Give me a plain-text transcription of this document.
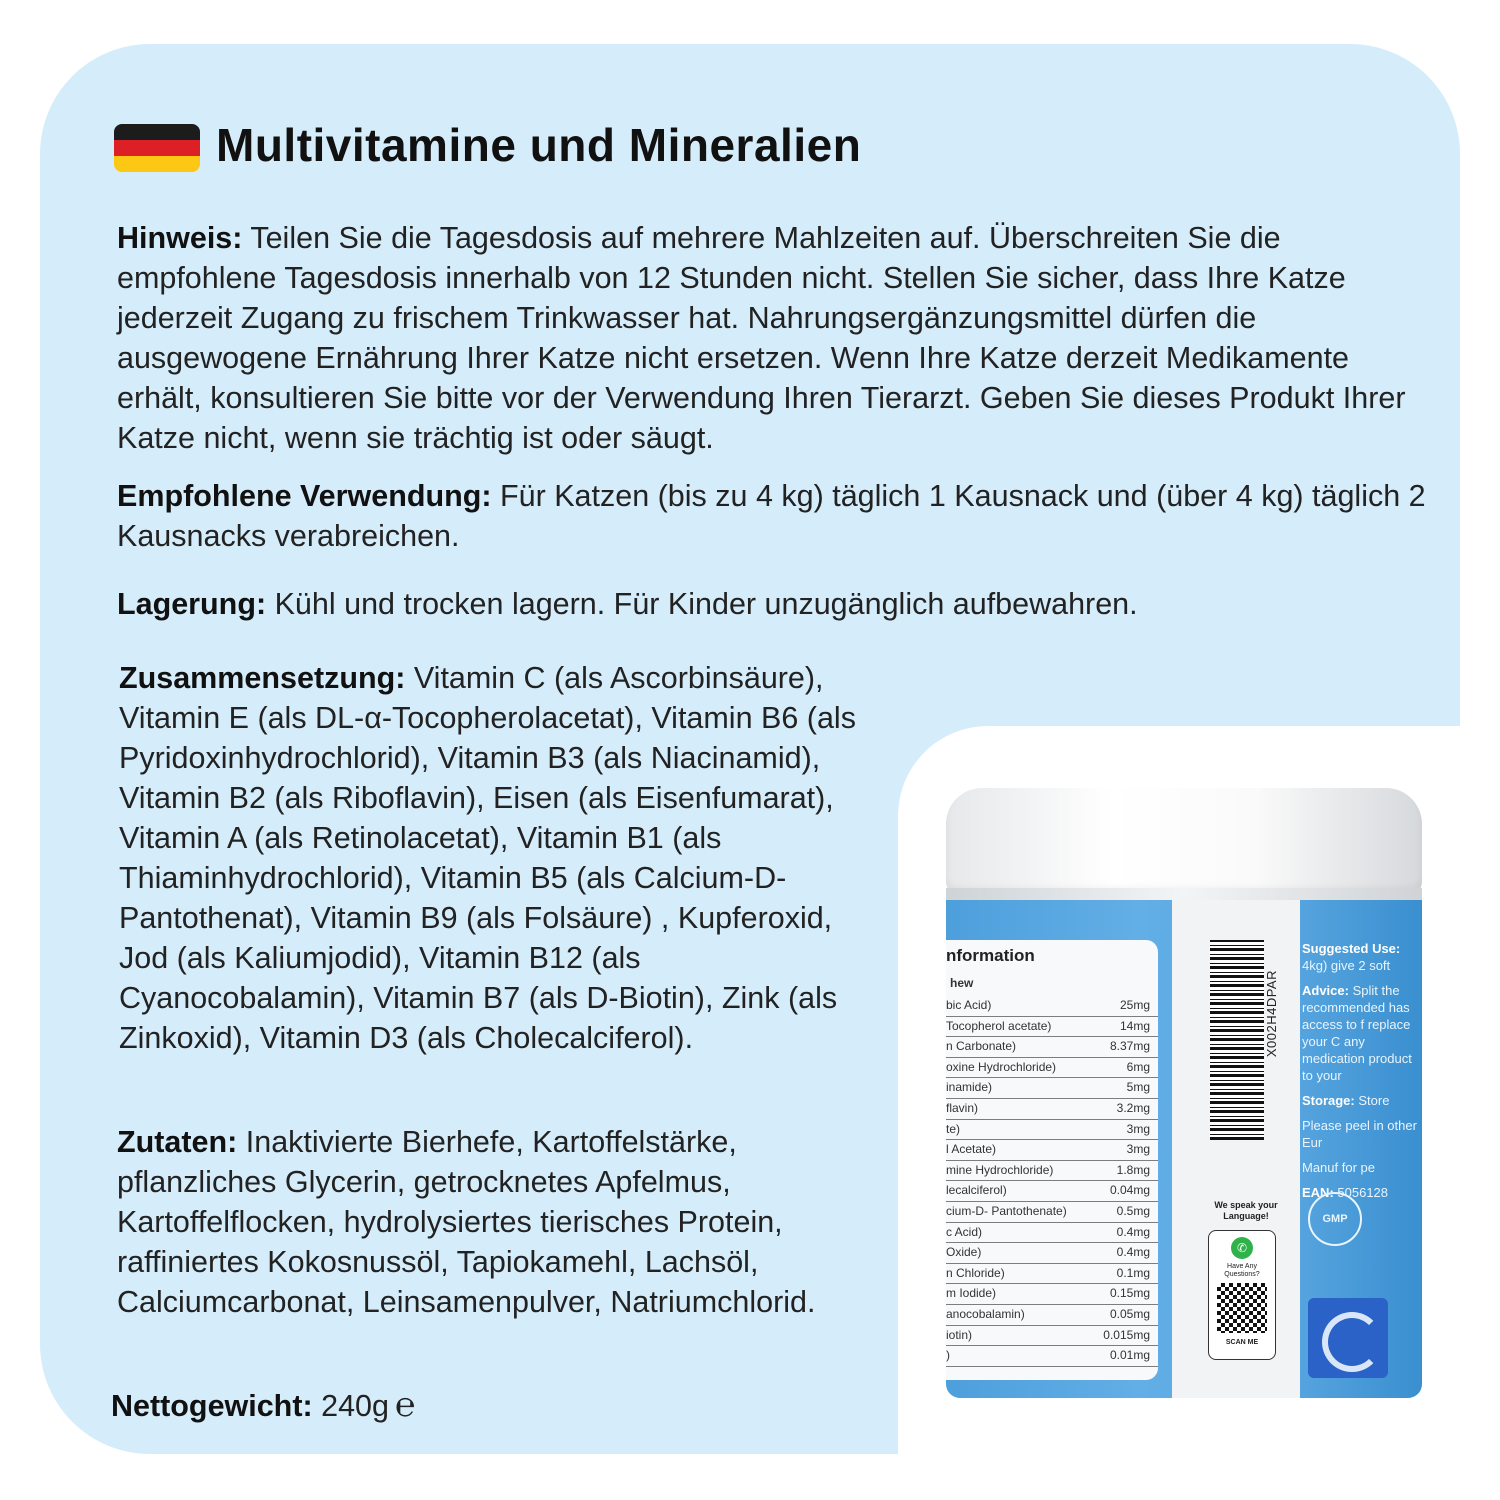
Multivitamine und Mineralien

Hinweis: Teilen Sie die Tagesdosis auf mehrere Mahlzeiten auf. Überschreiten Sie die empfohlene Tagesdosis innerhalb von 12 Stunden nicht. Stellen Sie sicher, dass Ihre Katze jederzeit Zugang zu frischem Trinkwasser hat. Nahrungsergänzungsmittel dürfen die ausgewogene Ernährung Ihrer Katze nicht ersetzen. Wenn Ihre Katze derzeit Medikamente erhält, konsultieren Sie bitte vor der Verwendung Ihren Tierarzt. Geben Sie dieses Produkt Ihrer Katze nicht, wenn sie trächtig ist oder säugt.

Empfohlene Verwendung: Für Katzen (bis zu 4 kg) täglich 1 Kausnack und (über 4 kg) täglich 2 Kausnacks verabreichen.

Lagerung: Kühl und trocken lagern. Für Kinder unzugänglich aufbewahren.

Zusammensetzung: Vitamin C (als Ascorbinsäure), Vitamin E (als DL-α-Tocopherolacetat), Vitamin B6 (als Pyridoxinhydrochlorid), Vitamin B3 (als Niacinamid), Vitamin B2 (als Riboflavin), Eisen (als Eisenfumarat), Vitamin A (als Retinolacetat), Vitamin B1 (als Thiaminhydrochlorid), Vitamin B5 (als Calcium-D-Pantothenat), Vitamin B9 (als Folsäure) , Kupferoxid, Jod (als Kaliumjodid), Vitamin B12 (als Cyanocobalamin), Vitamin B7 (als D-Biotin), Zink (als Zinkoxid), Vitamin D3 (als Cholecalciferol).

Zutaten: Inaktivierte Bierhefe, Kartoffelstärke, pflanzliches Glycerin, getrocknetes Apfelmus, Kartoffelflocken, hydrolysiertes tierisches Protein, raffiniertes Kokosnussöl, Tapiokamehl, Lachsöl, Calciumcarbonat, Leinsamenpulver, Natriumchlorid.

Nettogewicht: 240g ℮

nformation
hew
bic Acid)	25mg
Tocopherol acetate)	14mg
n Carbonate)	8.37mg
oxine Hydrochloride)	6mg
inamide)	5mg
flavin)	3.2mg
te)	3mg
l Acetate)	3mg
mine Hydrochloride)	1.8mg
lecalciferol)	0.04mg
cium-D- Pantothenate)	0.5mg
c Acid)	0.4mg
Oxide)	0.4mg
n Chloride)	0.1mg
m Iodide)	0.15mg
anocobalamin)	0.05mg
iotin)	0.015mg
)	0.01mg
X002H4DPAR
We speak your Language!
✆
Have Any Questions?
SCAN ME
Suggested Use: 4kg) give 2 soft
Advice: Split the recommended has access to f replace your C any medication product to your
Storage: Store
Please peel in other Eur
Manuf for pe
EAN: 5056128
GMP
